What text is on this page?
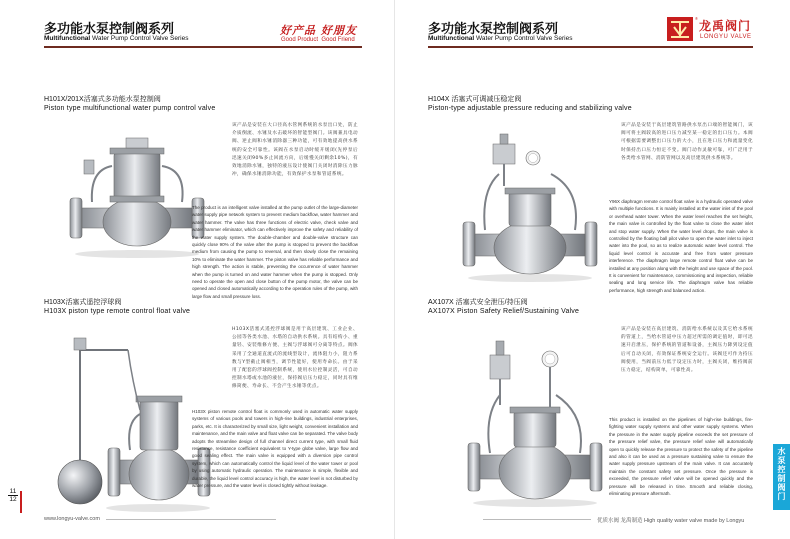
多功能水泵控制阀系列
Multifunctional Water Pump Control Valve Series
好产品 好朋友
Good Product Good Friend
H101X/201X活塞式多功能水泵控制阀
Piston type multifunctional water pump control valve
该产品是安装在大口径高水管网系统的水泵出口处，防止介质倒流、水锤及水击破坏的智能型阀门。该阀兼具电动阀、逆止阀和水锤消除器三种功能，可有效地提高供水系统的安全可靠性。该阀在水泵启动时缓开缓闭(先停泵后迅速关闭90%多止回流方向，后缓慢关闭剩余10%)，有效地消除水锤，独特的液压设计使阀门关闭时消除压力脉冲，确保水锤消除功能，有效保护水泵和管道系统。
The product is an intelligent valve installed at the pump outlet of the large-diameter water supply pipe network system to prevent medium backflow, water hammer and water hammer. The valve has three functions of electric valve, check valve and water hammer eliminator, which can effectively improve the safety and reliability of the water supply system. The double-chamber and double-valve structure can quickly close 90% of the valve after the pump is stopped to prevent the backflow medium from causing the pump to reversal, and then slowly close the remaining 10% to eliminate the water hammer. The piston valve has reliable performance and high strength. The action is stable, preventing the occurrence of water hammer when the pump is turned on and water hammer when the pump is stopped. Only need to operate the open and close button of the pump motor, the valve can be opened and closed automatically according to the operation rules of the pump, with large flow and small pressure loss.
H103X活塞式遥控浮球阀
H103X piston type remote control float valve
H103X活塞式遥控浮球阀是用于高层建筑、工业企业、公园等各类水池、水塔的自动供水系统。具有结构小、重量轻、安装维修方便、主阀与浮球阀可分离等特点。阀体采用了全通道直流式的流线型设计，流体阻力小，阻力系数与Y型截止阀相当，调节性能好，使用寿命长。由于采用了配套的浮球阀控制系统，使用水位控制灵活，可自动控制水塔或水池的液位，保持阀后压力稳定，同时具有维修简便、寿命长、不会产生水锤等优点。
H103X piston remote control float is commonly used in automatic water supply systems of various pools and towers in high-rise buildings, industrial enterprises, parks, etc. It is characterized by small size, light weight, convenient installation and maintenance, and the main valve and float valve can be separated. The valve body adopts the streamline design of full channel direct current type, with small fluid resistance, resistance coefficient equivalent to Y-type globe valve, large flow and good sealing effect. The main valve is equipped with a diversion pipe control system, which can automatically control the liquid level of the water tower or pool by using automatic hydraulic operation. The maintenance is simple, flexible and durable, the liquid level control accuracy is high, the water level is not disturbed by water pressure, and the water level is closed tightly without leakage.
11
12
www.longyu-valve.com
多功能水泵控制阀系列
Multifunctional Water Pump Control Valve Series
®
龙禹阀门
LONGYU VALVE
H104X 活塞式可调减压稳定阀
Piston-type adjustable pressure reducing and stabilizing valve
该产品是安装于高层建筑管路供水泵出口端的智能阀门，该阀可将主阀较高的进口压力减至某一稳定的出口压力。本阀可根据需要调整出口压力的大小，且在进口压力和流量变化时保持出口压力恒定不变。阀门动作灵敏可靠，可广泛用于各类给水管网、消防管网以及高层建筑供水系统等。
Y96X diaphragm remote control float valve is a hydraulic operated valve with multiple functions. It is mainly installed at the water inlet of the pool or overhead water tower. When the water level reaches the set height, the main valve is controlled by the float valve to close the water inlet and stop water supply. When the water level drops, the main valve is controlled by the floating ball pilot valve to open the water inlet to inject water into the pool, so as to realize automatic water level control. The liquid level control is accurate and free from water pressure interference. The diaphragm large remote control float valve can be installed at any position along with the height and use space of the pool. It is convenient for maintenance, commissioning and inspection, reliable sealing and long service life. The diaphragm valve has reliable performance, high strength and balanced action.
AX107X 活塞式安全泄压/持压阀
AX107X Piston Safety Relief/Sustaining Valve
该产品是安装在高层建筑、消防给水系统以及其它给水系统的管道上，当给水管道中压力超过所需的调定值时，即可迅速开启泄压，保护系统的管道和设备，主阀压力降到设定值后可自动关闭，有效保证系统安全运行。该阀还可作为持压阀使用，当阀前压力低于设定压力时，主阀关闭，维持阀前压力稳定，结构简单，可靠性高。
This product is installed on the pipelines of high-rise buildings, fire-fighting water supply systems and other water supply systems. When the pressure in the water supply pipeline exceeds the set pressure of the pressure relief valve, the pressure relief valve will automatically open to quickly release the pressure to protect the safety of the pipeline and also it can be used as a pressure sustaining valve to ensure the water supply pressure upstream of the main valve. It can accurately maintain the constant safety set pressure. Once the pressure is exceeded, the pressure relief valve will be opened quickly and the pressure will be released in time. Smooth and reliable closing, eliminating pressure aftermath.
水泵控制阀门
优质水阀 龙禹制造 High quality water valve made by Longyu
